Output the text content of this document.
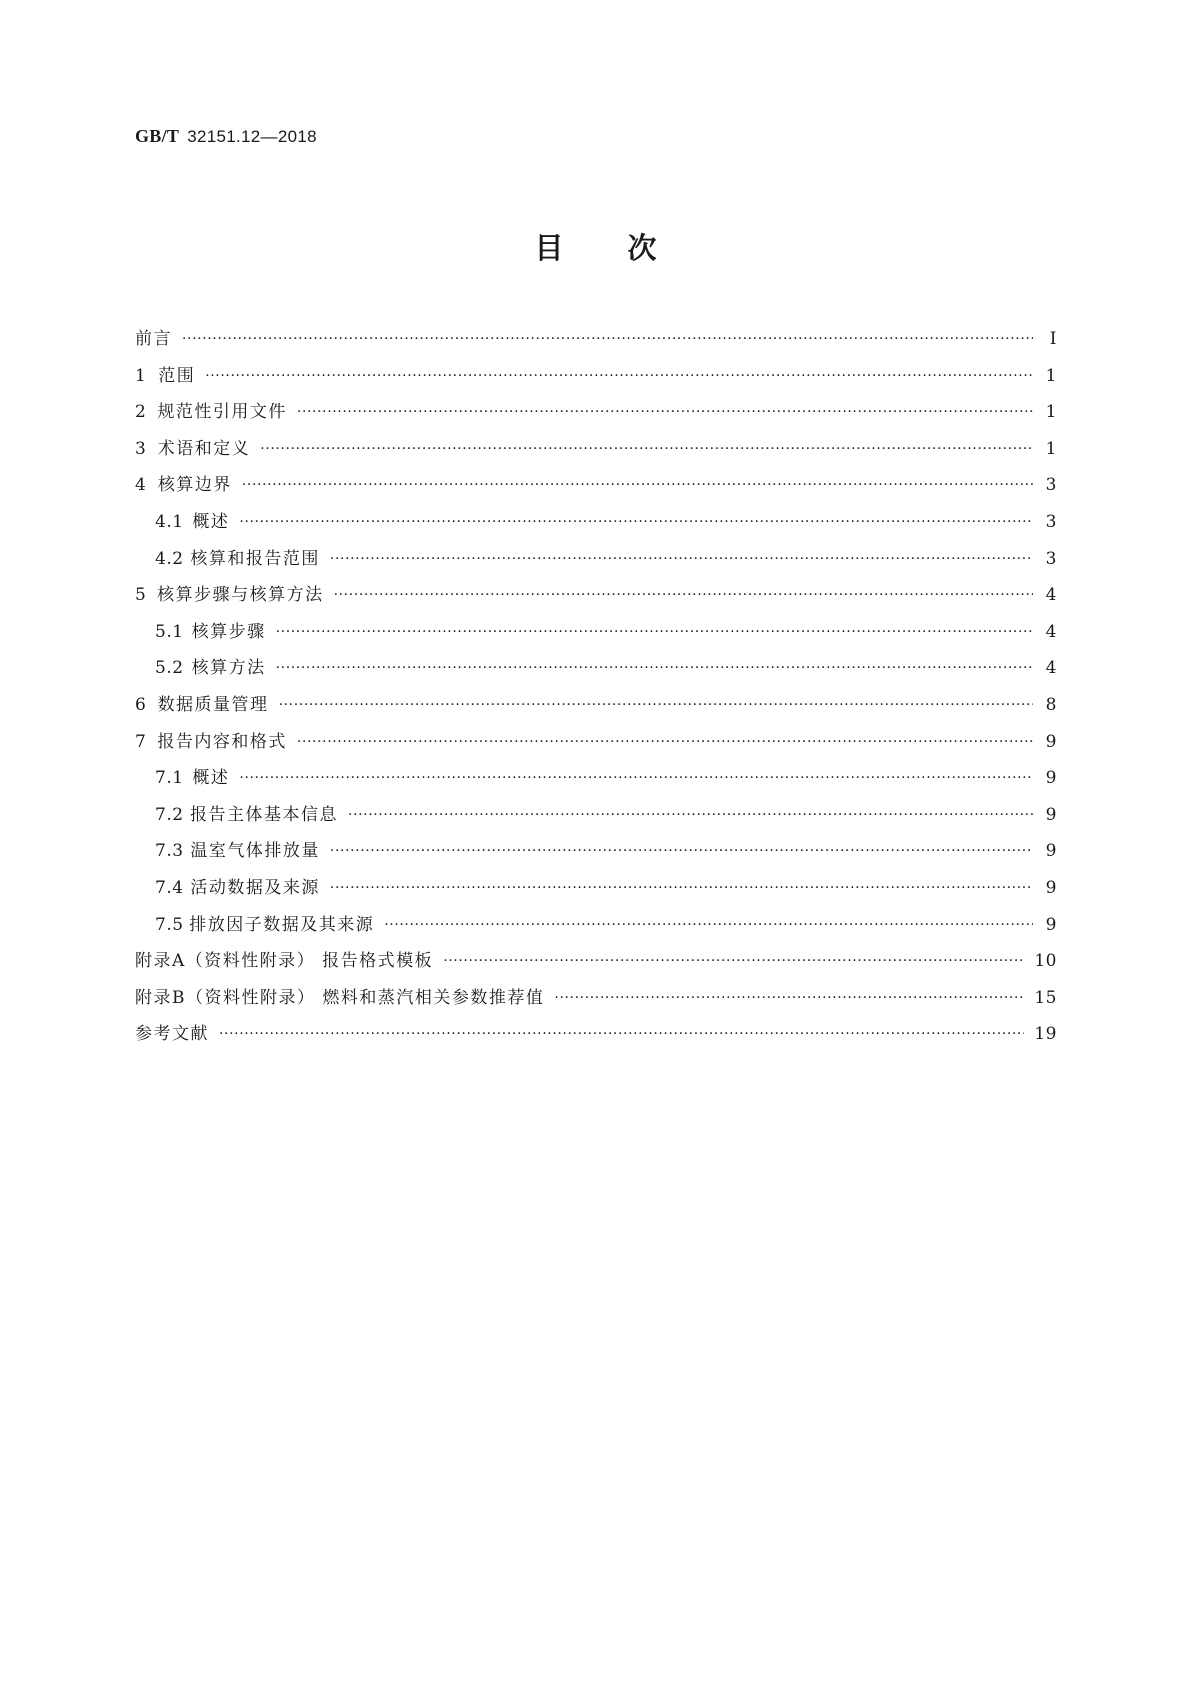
GB/T 32151.12—2018
目次
前言 ·····	I
1 范围 ·····	1
2 规范性引用文件 ·····	1
3 术语和定义 ·····	1
4 核算边界 ·····	3
4.1 概述 ·····	3
4.2 核算和报告范围 ·····	3
5 核算步骤与核算方法 ·····	4
5.1 核算步骤 ·····	4
5.2 核算方法 ·····	4
6 数据质量管理 ·····	8
7 报告内容和格式 ·····	9
7.1 概述 ·····	9
7.2 报告主体基本信息 ·····	9
7.3 温室气体排放量 ·····	9
7.4 活动数据及来源 ·····	9
7.5 排放因子数据及其来源 ·····	9
附录A（资料性附录） 报告格式模板 ·····	10
附录B（资料性附录） 燃料和蒸汽相关参数推荐值 ·····	15
参考文献 ·····	19
